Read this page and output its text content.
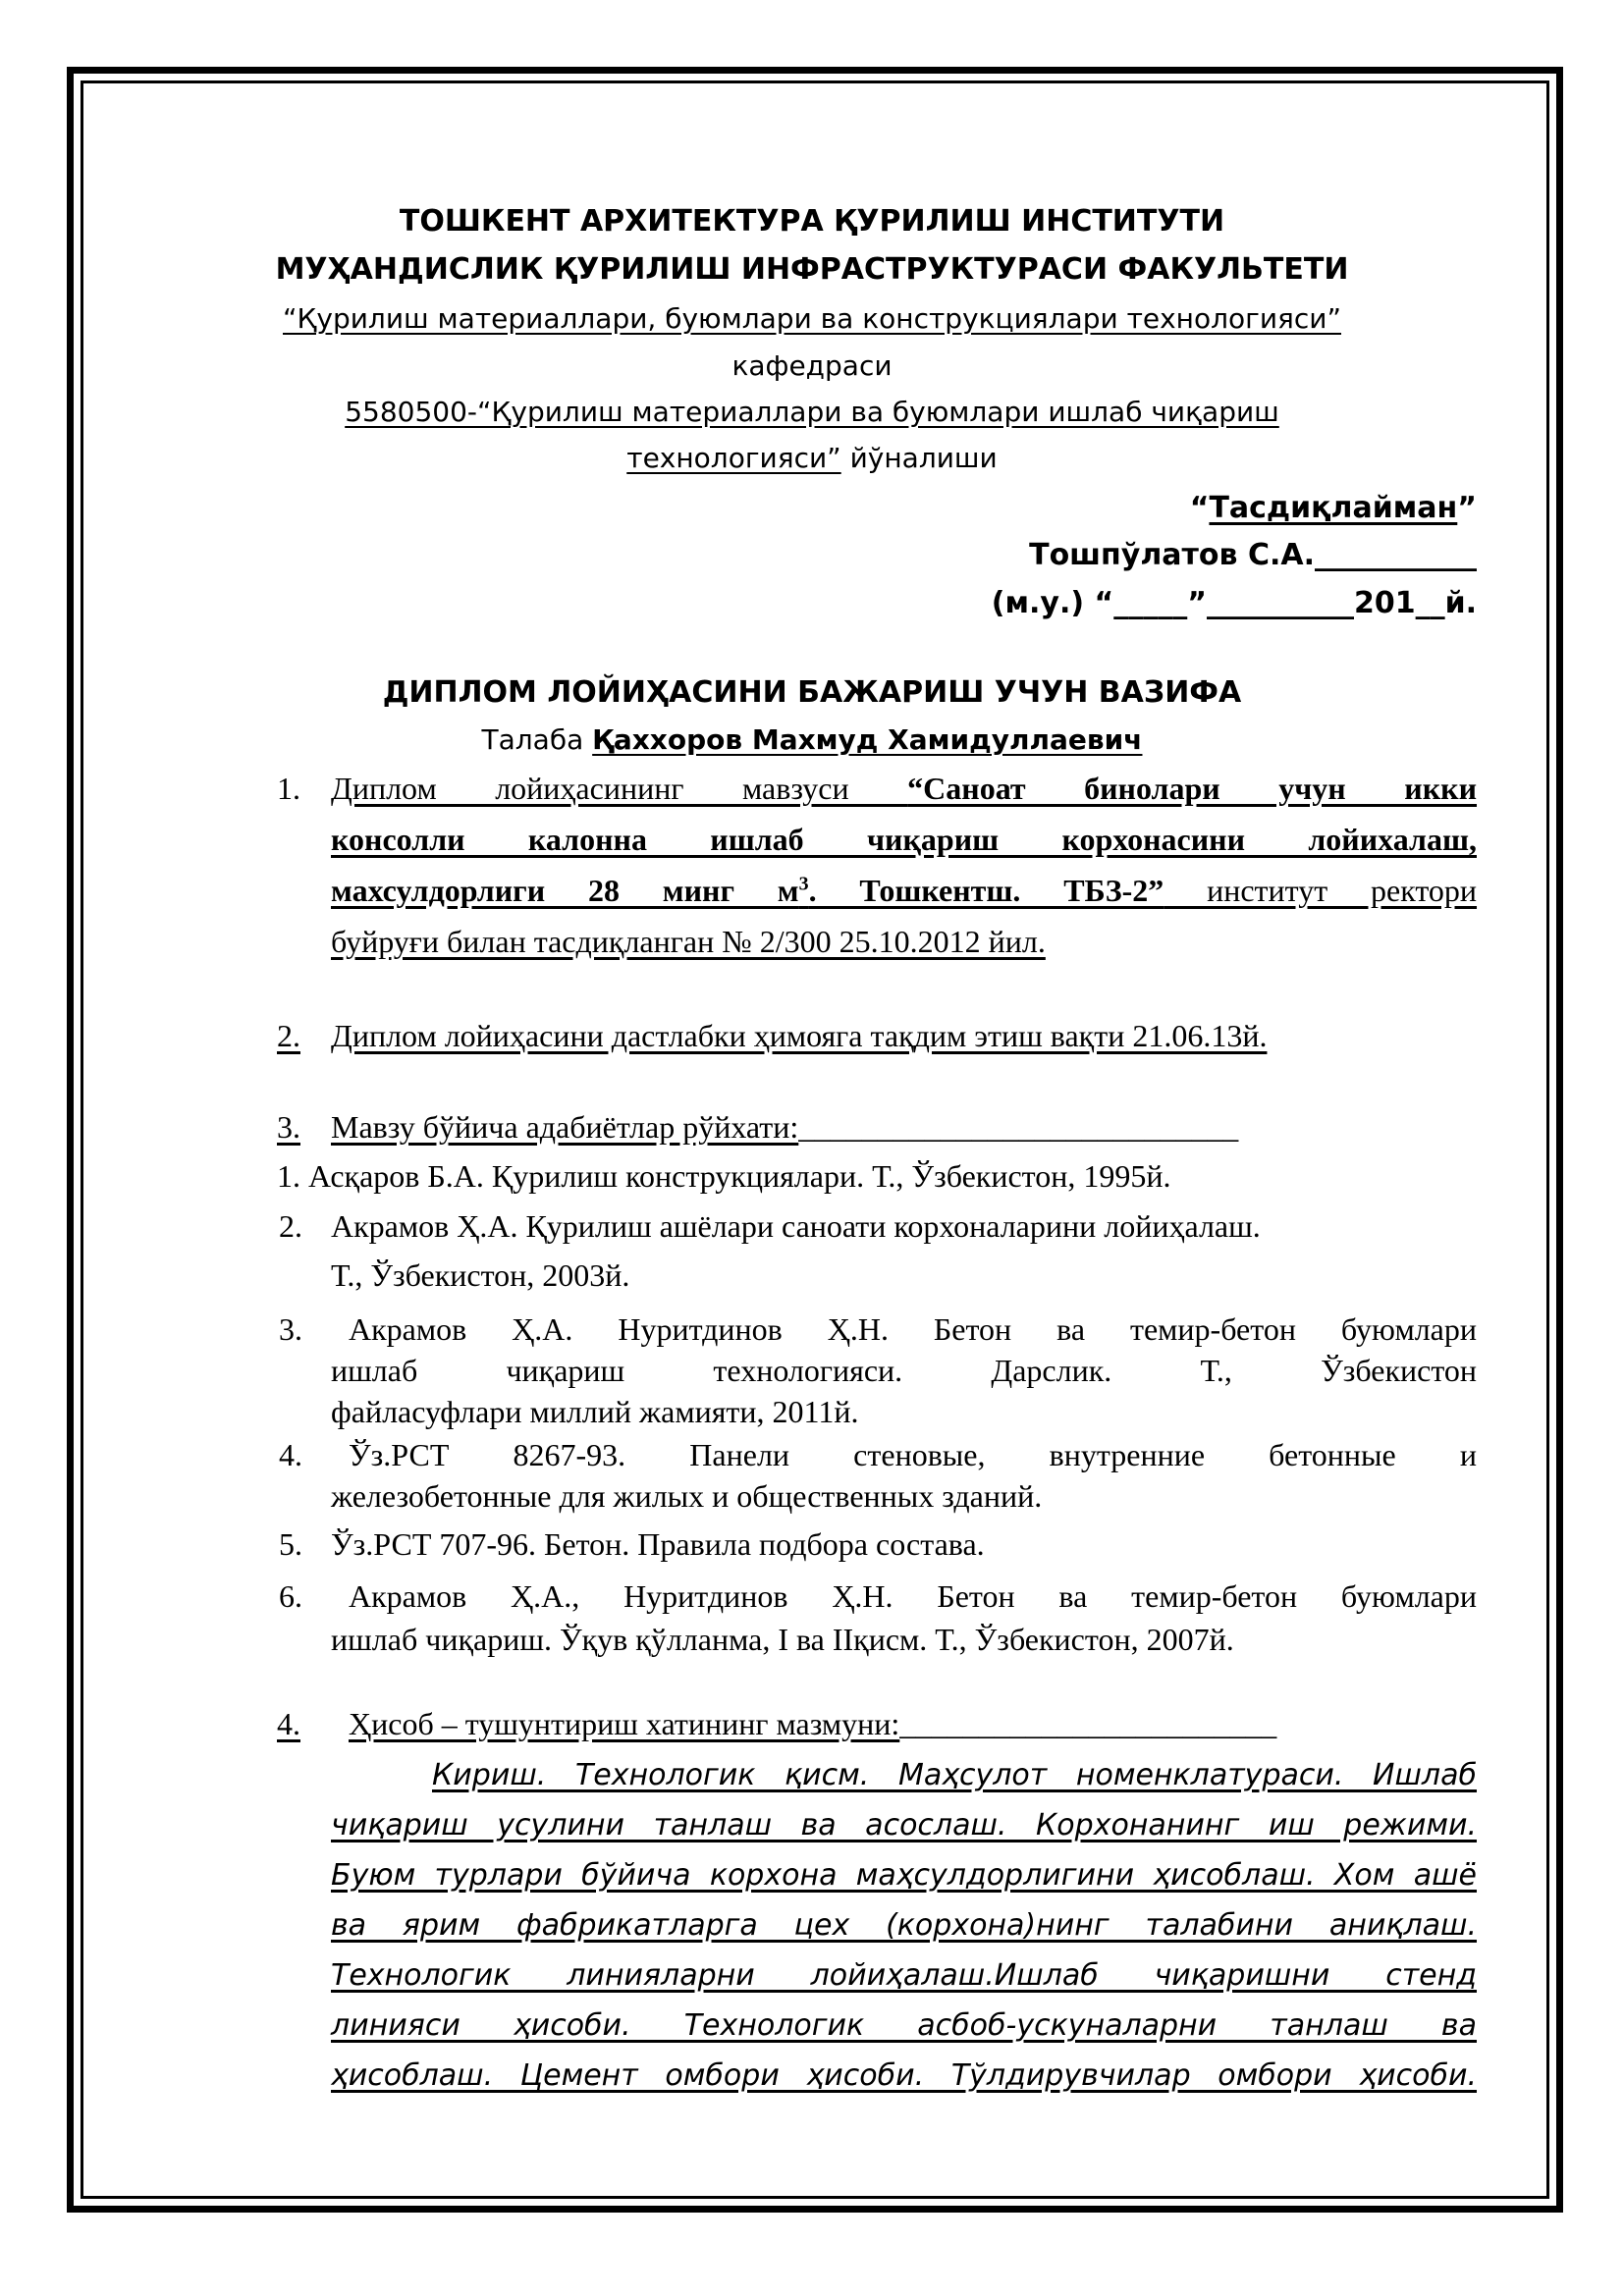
ТОШКЕНТ АРХИТЕКТУРА ҚУРИЛИШ ИНСТИТУТИ
МУҲАНДИСЛИК ҚУРИЛИШ ИНФРАСТРУКТУРАСИ ФАКУЛЬТЕТИ
“Қурилиш материаллари, буюмлари ва конструкциялари технологияси”
кафедраси
5580500-“Қурилиш материаллари ва буюмлари ишлаб чиқариш
технологияси” йўналиши
“Тасдиқлайман”
Тошпўлатов С.А.___________
(м.у.) “_____”__________201__й.
ДИПЛОМ ЛОЙИҲАСИНИ БАЖАРИШ УЧУН ВАЗИФА
Талаба Қаххоров Махмуд Хамидуллаевич
1. Диплом лойиҳасининг мавзуси “Саноат бинолари учун икки
консолли калонна ишлаб чиқариш корхонасини лойихалаш,
махсулдорлиги 28 минг $м^3$. Тошкентш. ТБЗ-2” институт ректори
буйруғи билан тасдиқланган № 2/300 25.10.2012 йил.
2. Диплом лойиҳасини дастлабки ҳимояга тақдим этиш вақти 21.06.13й.
3. Мавзу бўйича адабиётлар рўйхати:____________________________
1. Асқаров Б.А. Қурилиш конструкциялари. Т., Ўзбекистон, 1995й.
2. Акрамов Ҳ.А. Қурилиш ашёлари саноати корхоналарини лойиҳалаш.
Т., Ўзбекистон, 2003й.
3. Акрамов Ҳ.А. Нуритдинов Ҳ.Н. Бетон ва темир-бетон буюмлари
ишлаб чиқариш технологияси. Дарслик. Т., Ўзбекистон
файласуфлари миллий жамияти, 2011й.
4. Ўз.РСТ 8267-93. Панели стеновые, внутренние бетонные и
железобетонные для жилых и общественных зданий.
5. Ўз.РСТ 707-96. Бетон. Правила подбора состава.
6. Акрамов Ҳ.А., Нуритдинов Ҳ.Н. Бетон ва темир-бетон буюмлари
ишлаб чиқариш. Ўқув қўлланма, I ва IIқисм. Т., Ўзбекистон, 2007й.
4. Ҳисоб – тушунтириш хатининг мазмуни:________________________
Кириш. Технологик қисм. Маҳсулот номенклатураси. Ишлаб
чиқариш усулини танлаш ва асослаш. Корхонанинг иш режими.
Буюм турлари бўйича корхона маҳсулдорлигини ҳисоблаш. Хом ашё
ва ярим фабрикатларга цех (корхона)нинг талабини аниқлаш.
Технологик линияларни лойиҳалаш.Ишлаб чиқаришни стенд
линияси ҳисоби. Технологик асбоб-ускуналарни танлаш ва
ҳисоблаш. Цемент омбори ҳисоби. Тўлдирувчилар омбори ҳисоби.
